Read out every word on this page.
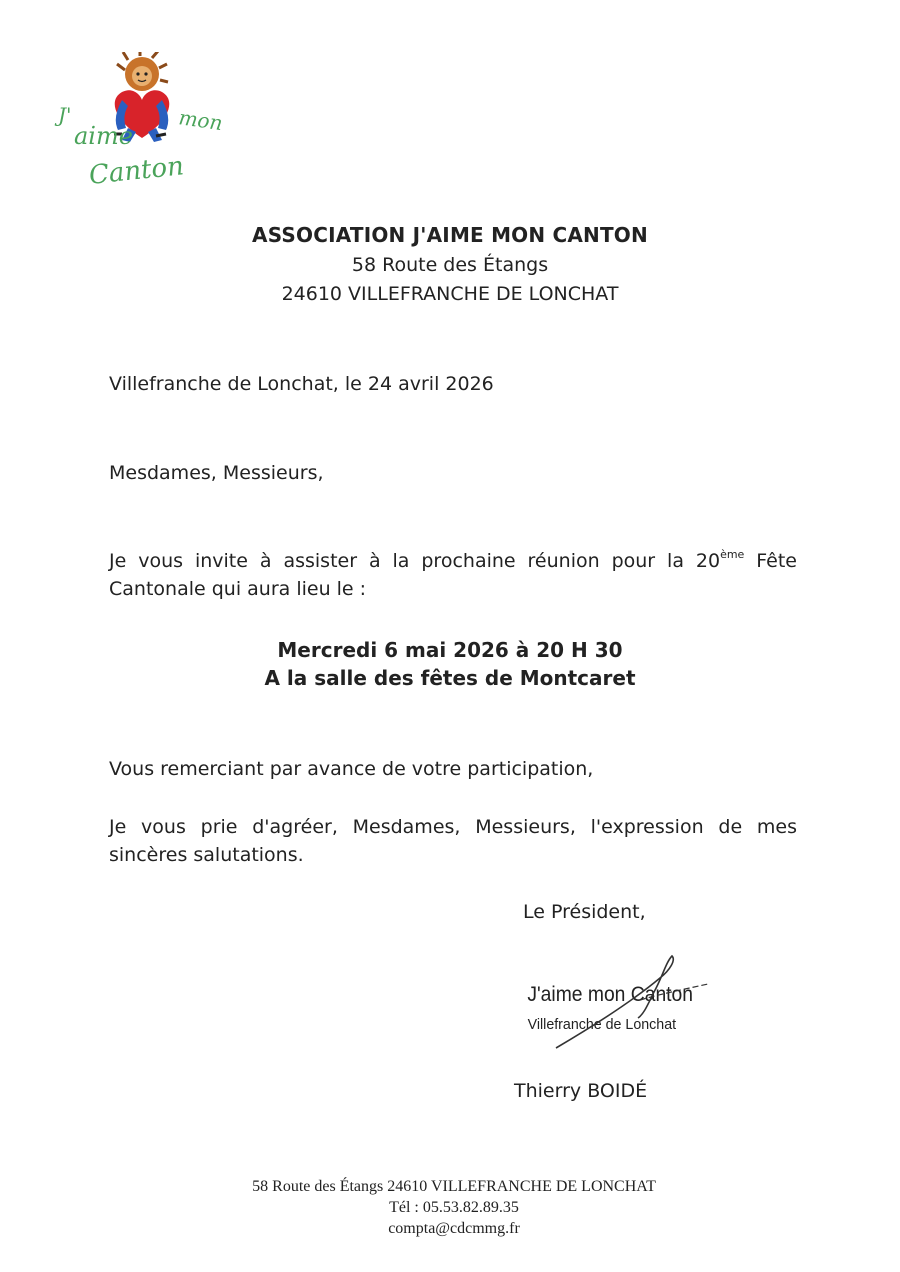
J'
aime
mon
Canton
ASSOCIATION J'AIME MON CANTON
58 Route des Étangs
24610 VILLEFRANCHE DE LONCHAT
Villefranche de Lonchat, le 24 avril 2026
Mesdames, Messieurs,
Je vous invite à assister à la prochaine réunion pour la 20ème Fête Cantonale qui aura lieu le :
Mercredi 6 mai 2026 à 20 H 30
A la salle des fêtes de Montcaret
Vous remerciant par avance de votre participation,
Je vous prie d'agréer, Mesdames, Messieurs, l'expression de mes sincères salutations.
Le Président,
J'aime mon Canton
Villefranche de Lonchat
Thierry BOIDÉ
58 Route des Étangs 24610 VILLEFRANCHE DE LONCHAT
Tél : 05.53.82.89.35
compta@cdcmmg.fr
